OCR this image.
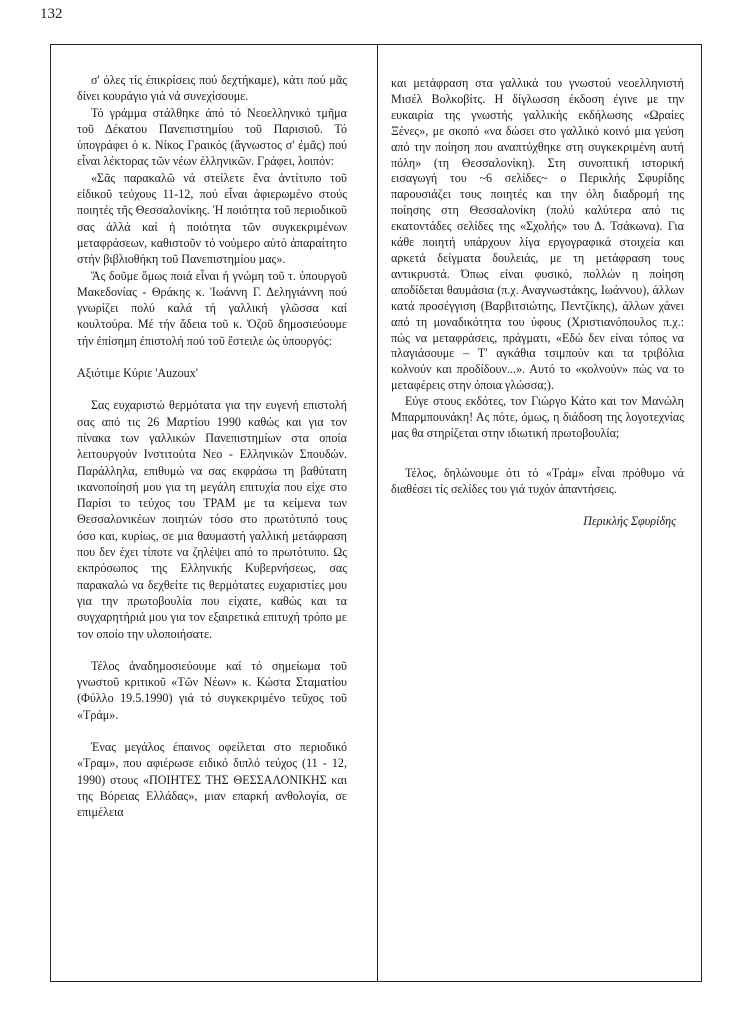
132

σ' όλες τίς έπικρίσεις πού δεχτήκαμε), κάτι πού μᾶς δίνει κουράγιο γιά νά συνεχίσουμε.

Τό γράμμα στάλθηκε άπό τό Νεοελληνικό τμῆμα τοῦ Δέκατου Πανεπιστημίου τοῦ Παρισιοῦ. Τό ὑπογράφει ὁ κ. Νίκος Γραικός (ἄγνωστος σ' ἐμᾶς) πού εἶναι λέκτορας τῶν νέων ἐλληνικῶν. Γράφει, λοιπόν:

«Σᾶς παρακαλῶ νά στείλετε ἕνα ἀντίτυπο τοῦ εἰδικοῦ τεύχους 11-12, πού εἶναι ἀφιερωμένο στούς ποιητές τῆς Θεσσαλονίκης. Ἡ ποιότητα τοῦ περιοδικοῦ σας ἀλλά καί ἡ ποιότητα τῶν συγκεκριμένων μεταφράσεων, καθιστοῦν τό νούμερο αὐτό ἀπαραίτητο στήν βιβλιοθήκη τοῦ Πανεπιστημίου μας».

Ἄς δοῦμε ὅμως ποιά εἶναι ἡ γνώμη τοῦ τ. ὑπουργοῦ Μακεδονίας - Θράκης κ. Ἰωάννη Γ. Δεληγιάννη πού γνωρίζει πολύ καλά τή γαλλική γλῶσσα καί κουλτούρα. Μέ τήν ἄδεια τοῦ κ. Ὀζοῦ δημοσιεύουμε τήν ἐπίσημη ἐπιστολή πού τοῦ ἔστειλε ὡς ὑπουργός:

Αξιότιμε Κύριε 'Auzoux'

Σας ευχαριστώ θερμότατα για την ευγενή επιστολή σας από τις 26 Μαρτίου 1990 καθώς και για τον πίνακα των γαλλικών Πανεπιστημίων στα οποία λειτουργούν Ινστιτούτα Νεο - Ελληνικών Σπουδών. Παράλληλα, επιθυμώ να σας εκφράσω τη βαθύτατη ικανοποίησή μου για τη μεγάλη επιτυχία που είχε στο Παρίσι το τεύχος του ΤΡΑΜ με τα κείμενα των Θεσσαλονικέων ποιητών τόσο στο πρωτότυπό τους όσο και, κυρίως, σε μια θαυμαστή γαλλική μετάφραση που δεν έχει τίποτε να ζηλέψει από το πρωτότυπο. Ως εκπρόσωπος της Ελληνικής Κυβερνήσεως, σας παρακαλώ να δεχθείτε τις θερμότατες ευχαριστίες μου για την πρωτοβουλία που είχατε, καθώς και τα συγχαρητήριά μου για τον εξαιρετικά επιτυχή τρόπο με τον οποίο την υλοποιήσατε.

Τέλος ἀναδημοσιεύουμε καί τό σημείωμα τοῦ γνωστοῦ κριτικοῦ «Τῶν Νέων» κ. Κώστα Σταματίου (Φύλλο 19.5.1990) γιά τό συγκεκριμένο τεῦχος τοῦ «Τράμ».

Ένας μεγάλος έπαινος οφείλεται στο περιοδικό «Τραμ», που αφιέρωσε ειδικό διπλό τεύχος (11 - 12, 1990) στους «ΠΟΙΗΤΕΣ ΤΗΣ ΘΕΣΣΑΛΟΝΙΚΗΣ και της Βόρειας Ελλάδας», μιαν επαρκή ανθολογία, σε επιμέλεια

και μετάφραση στα γαλλικά του γνωστού νεοελληνιστή Μισέλ Βολκοβίτς. Η δίγλωσση έκδοση έγινε με την ευκαιρία της γνωστής γαλλικής εκδήλωσης «Ωραίες Ξένες», με σκοπό «να δώσει στο γαλλικό κοινό μια γεύση από την ποίηση που αναπτύχθηκε στη συγκεκριμένη αυτή πόλη» (τη Θεσσαλονίκη). Στη συνοπτική ιστορική εισαγωγή του ~6 σελίδες~ ο Περικλής Σφυρίδης παρουσιάζει τους ποιητές και την όλη διαδρομή της ποίησης στη Θεσσαλονίκη (πολύ καλύτερα από τις εκατοντάδες σελίδες της «Σχολής» του Δ. Τσάκωνα). Για κάθε ποιητή υπάρχουν λίγα εργογραφικά στοιχεία και αρκετά δείγματα δουλειάς, με τη μετάφραση τους αντικρυστά. Όπως είναι φυσικό, πολλών η ποίηση αποδίδεται θαυμάσια (π.χ. Αναγνωστάκης, Ιωάννου), άλλων κατά προσέγγιση (Βαρβιτσιώτης, Πεντζίκης), άλλων χάνει από τη μοναδικότητα του ύφους (Χριστιανόπουλος π.χ.: πώς να μεταφράσεις, πράγματι, «Εδώ δεν είναι τόπος να πλαγιάσουμε – Τ' αγκάθια τσιμπούν και τα τριβόλια κολνούν και προδίδουν...». Αυτό το «κολνούν» πώς να το μεταφέρεις στην όποια γλώσσα;).

Εύγε στους εκδότες, τον Γιώργο Κάτο και τον Μανώλη Μπαρμπουνάκη! Ας πότε, όμως, η διάδοση της λογοτεχνίας μας θα στηρίζεται στην ιδιωτική πρωτοβουλία;

Τέλος, δηλώνουμε ότι τό «Τράμ» εἶναι πρόθυμο νά διαθέσει τίς σελίδες του γιά τυχόν ἀπαντήσεις.

Περικλής Σφυρίδης
